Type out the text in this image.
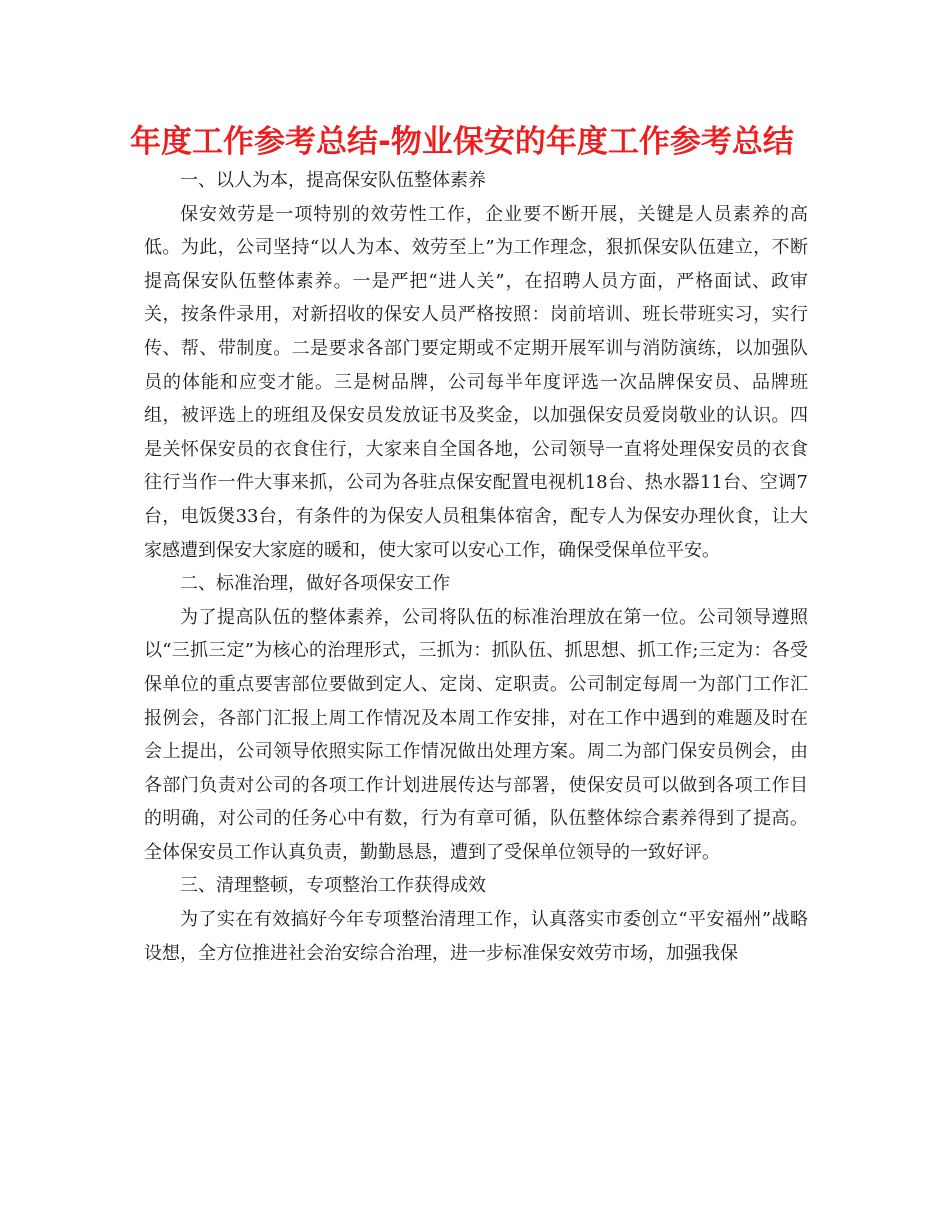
年度工作参考总结-物业保安的年度工作参考总结

一、以人为本，提高保安队伍整体素养

保安效劳是一项特别的效劳性工作，企业要不断开展，关键是人员素养的高低。为此，公司坚持“以人为本、效劳至上”为工作理念，狠抓保安队伍建立，不断提高保安队伍整体素养。一是严把“进人关”，在招聘人员方面，严格面试、政审关，按条件录用，对新招收的保安人员严格按照：岗前培训、班长带班实习，实行传、帮、带制度。二是要求各部门要定期或不定期开展军训与消防演练，以加强队员的体能和应变才能。三是树品牌，公司每半年度评选一次品牌保安员、品牌班组，被评选上的班组及保安员发放证书及奖金，以加强保安员爱岗敬业的认识。四是关怀保安员的衣食住行，大家来自全国各地，公司领导一直将处理保安员的衣食往行当作一件大事来抓，公司为各驻点保安配置电视机18台、热水器11台、空调7台，电饭煲33台，有条件的为保安人员租集体宿舍，配专人为保安办理伙食，让大家感遭到保安大家庭的暖和，使大家可以安心工作，确保受保单位平安。

二、标准治理，做好各项保安工作

为了提高队伍的整体素养，公司将队伍的标准治理放在第一位。公司领导遵照以“三抓三定”为核心的治理形式，三抓为：抓队伍、抓思想、抓工作;三定为：各受保单位的重点要害部位要做到定人、定岗、定职责。公司制定每周一为部门工作汇报例会，各部门汇报上周工作情况及本周工作安排，对在工作中遇到的难题及时在会上提出，公司领导依照实际工作情况做出处理方案。周二为部门保安员例会，由各部门负责对公司的各项工作计划进展传达与部署，使保安员可以做到各项工作目的明确，对公司的任务心中有数，行为有章可循，队伍整体综合素养得到了提高。全体保安员工作认真负责，勤勤恳恳，遭到了受保单位领导的一致好评。

三、清理整顿，专项整治工作获得成效

为了实在有效搞好今年专项整治清理工作，认真落实市委创立“平安福州”战略设想，全方位推进社会治安综合治理，进一步标准保安效劳市场，加强我保
